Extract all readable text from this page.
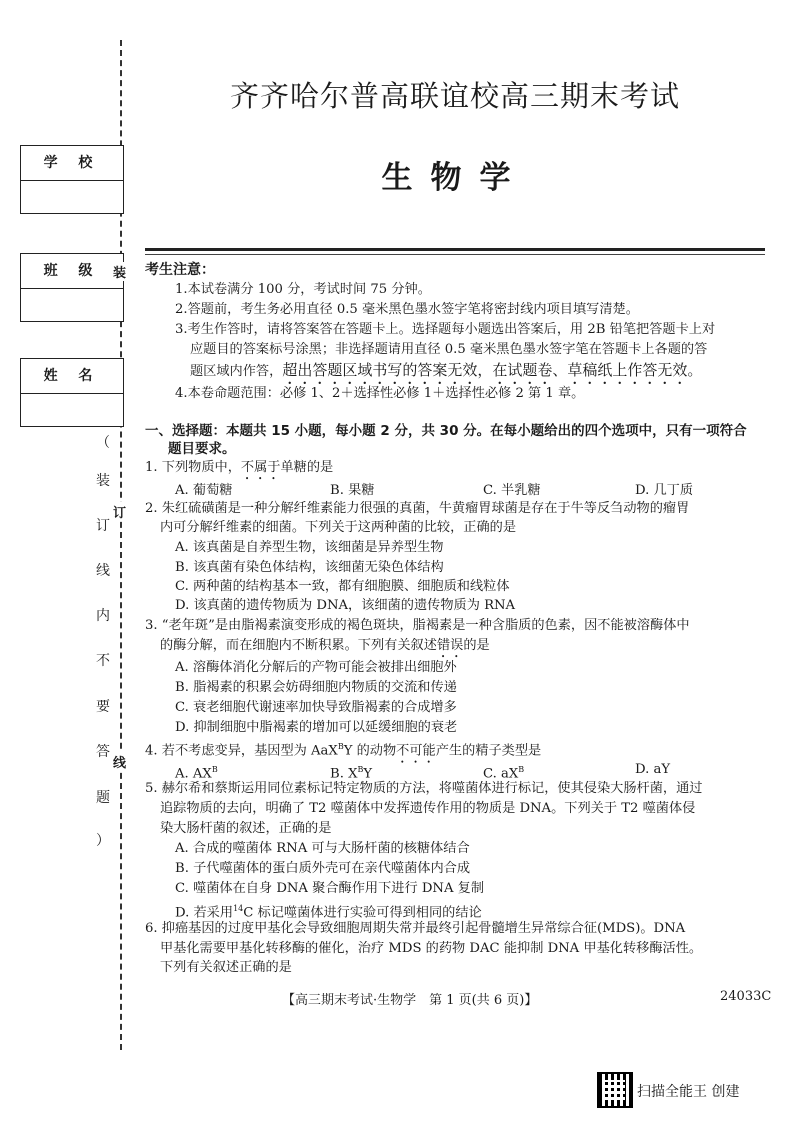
学 校
班 级
姓 名
（
装
订
线
内
不
要
答
题
）
装
订
线
齐齐哈尔普高联谊校高三期末考试
生物学
考生注意：
1.本试卷满分 100 分，考试时间 75 分钟。
2.答题前，考生务必用直径 0.5 毫米黑色墨水签字笔将密封线内项目填写清楚。
3.考生作答时，请将答案答在答题卡上。选择题每小题选出答案后，用 2B 铅笔把答题卡上对
应题目的答案标号涂黑；非选择题请用直径 0.5 毫米黑色墨水签字笔在答题卡上各题的答
题区域内作答，超出答题区域书写的答案无效，在试题卷、草稿纸上作答无效。
4.本卷命题范围：必修 1、2＋选择性必修 1＋选择性必修 2 第 1 章。
一、选择题：本题共 15 小题，每小题 2 分，共 30 分。在每小题给出的四个选项中，只有一项符合
题目要求。
1. 下列物质中，不属于单糖的是
A. 葡萄糖	B. 果糖	C. 半乳糖	D. 几丁质
2. 朱红硫磺菌是一种分解纤维素能力很强的真菌，牛黄瘤胃球菌是存在于牛等反刍动物的瘤胃
内可分解纤维素的细菌。下列关于这两种菌的比较，正确的是
A. 该真菌是自养型生物，该细菌是异养型生物
B. 该真菌有染色体结构，该细菌无染色体结构
C. 两种菌的结构基本一致，都有细胞膜、细胞质和线粒体
D. 该真菌的遗传物质为 DNA，该细菌的遗传物质为 RNA
3. “老年斑”是由脂褐素演变形成的褐色斑块，脂褐素是一种含脂质的色素，因不能被溶酶体中
的酶分解，而在细胞内不断积累。下列有关叙述错误的是
A. 溶酶体消化分解后的产物可能会被排出细胞外
B. 脂褐素的积累会妨碍细胞内物质的交流和传递
C. 衰老细胞代谢速率加快导致脂褐素的合成增多
D. 抑制细胞中脂褐素的增加可以延缓细胞的衰老
4. 若不考虑变异，基因型为 AaX$^B$Y 的动物不可能产生的精子类型是
A. $AX^B$	B. $X^BY$	C. $aX^B$	D. aY
5. 赫尔希和蔡斯运用同位素标记特定物质的方法，将噬菌体进行标记，使其侵染大肠杆菌，通过
追踪物质的去向，明确了 T2 噬菌体中发挥遗传作用的物质是 DNA。下列关于 T2 噬菌体侵
染大肠杆菌的叙述，正确的是
A. 合成的噬菌体 RNA 可与大肠杆菌的核糖体结合
B. 子代噬菌体的蛋白质外壳可在亲代噬菌体内合成
C. 噬菌体在自身 DNA 聚合酶作用下进行 DNA 复制
D. 若采用$^{14}$C 标记噬菌体进行实验可得到相同的结论
6. 抑癌基因的过度甲基化会导致细胞周期失常并最终引起骨髓增生异常综合征(MDS)。DNA
甲基化需要甲基化转移酶的催化，治疗 MDS 的药物 DAC 能抑制 DNA 甲基化转移酶活性。
下列有关叙述正确的是
【高三期末考试·生物学　第 1 页(共 6 页)】	24033C
扫描全能王 创建
